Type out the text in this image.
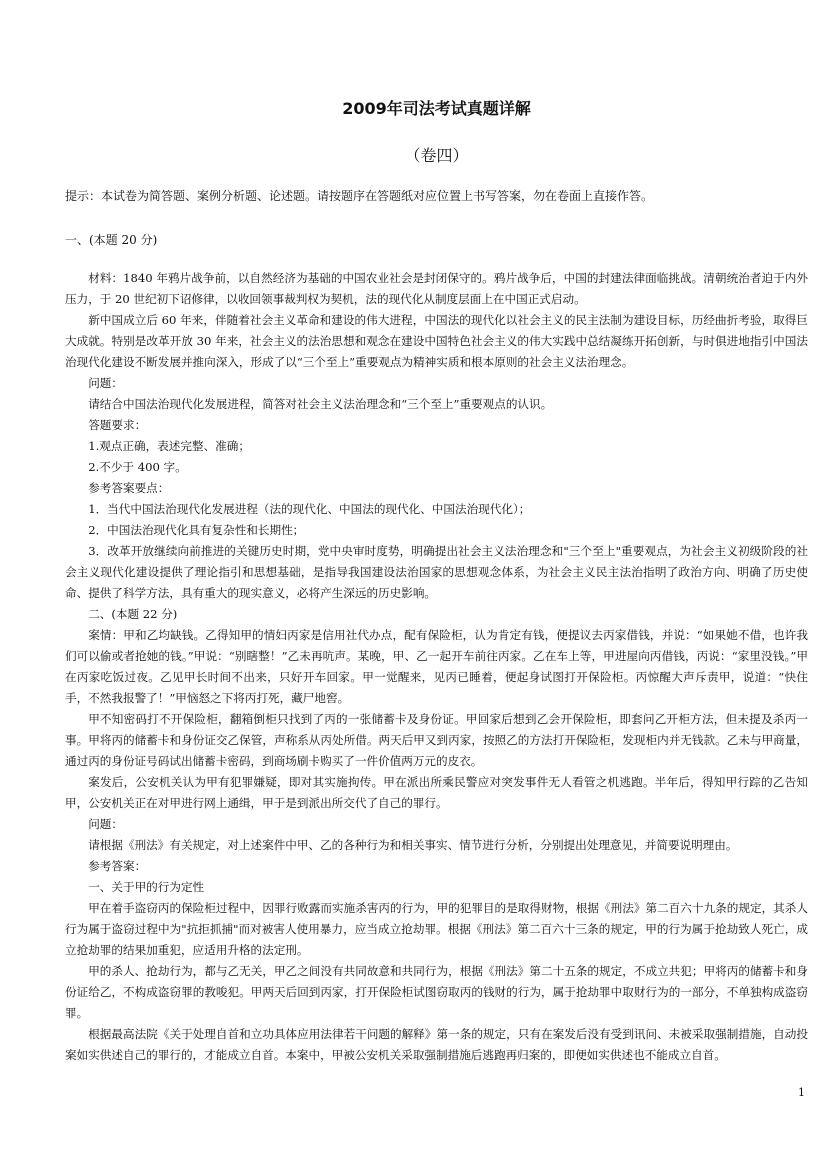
2009年司法考试真题详解
（卷四）
提示：本试卷为简答题、案例分析题、论述题。请按题序在答题纸对应位置上书写答案，勿在卷面上直接作答。
一、(本题 20 分)

材料：1840 年鸦片战争前，以自然经济为基础的中国农业社会是封闭保守的。鸦片战争后，中国的封建法律面临挑战。清朝统治者迫于内外压力，于 20 世纪初下诏修律，以收回领事裁判权为契机，法的现代化从制度层面上在中国正式启动。

新中国成立后 60 年来，伴随着社会主义革命和建设的伟大进程，中国法的现代化以社会主义的民主法制为建设目标，历经曲折考验，取得巨大成就。特别是改革开放 30 年来，社会主义的法治思想和观念在建设中国特色社会主义的伟大实践中总结凝练开拓创新，与时俱进地指引中国法治现代化建设不断发展并推向深入，形成了以“三个至上”重要观点为精神实质和根本原则的社会主义法治理念。

问题：

请结合中国法治现代化发展进程，简答对社会主义法治理念和“三个至上”重要观点的认识。

答题要求：

1.观点正确，表述完整、准确；

2.不少于 400 字。

参考答案要点：

1．当代中国法治现代化发展进程（法的现代化、中国法的现代化、中国法治现代化）；

2．中国法治现代化具有复杂性和长期性；

3．改革开放继续向前推进的关键历史时期，党中央审时度势，明确提出社会主义法治理念和"三个至上"重要观点，为社会主义初级阶段的社会主义现代化建设提供了理论指引和思想基础，是指导我国建设法治国家的思想观念体系，为社会主义民主法治指明了政治方向、明确了历史使命、提供了科学方法，具有重大的现实意义，必将产生深远的历史影响。

二、(本题 22 分)

案情：甲和乙均缺钱。乙得知甲的情妇丙家是信用社代办点，配有保险柜，认为肯定有钱，便提议去丙家借钱，并说：“如果她不借，也许我们可以偷或者抢她的钱。”甲说：“别瞎整！”乙未再吭声。某晚，甲、乙一起开车前往丙家。乙在车上等，甲进屋向丙借钱，丙说：“家里没钱。”甲在丙家吃饭过夜。乙见甲长时间不出来，只好开车回家。甲一觉醒来，见丙已睡着，便起身试图打开保险柜。丙惊醒大声斥责甲，说道：“快住手，不然我报警了！”甲恼怒之下将丙打死，藏尸地窖。

甲不知密码打不开保险柜，翻箱倒柜只找到了丙的一张储蓄卡及身份证。甲回家后想到乙会开保险柜，即套问乙开柜方法，但未提及杀丙一事。甲将丙的储蓄卡和身份证交乙保管，声称系从丙处所借。两天后甲又到丙家，按照乙的方法打开保险柜，发现柜内并无钱款。乙未与甲商量，通过丙的身份证号码试出储蓄卡密码，到商场刷卡购买了一件价值两万元的皮衣。

案发后，公安机关认为甲有犯罪嫌疑，即对其实施拘传。甲在派出所乘民警应对突发事件无人看管之机逃跑。半年后，得知甲行踪的乙告知甲，公安机关正在对甲进行网上通缉，甲于是到派出所交代了自己的罪行。

问题：

请根据《刑法》有关规定，对上述案件中甲、乙的各种行为和相关事实、情节进行分析，分别提出处理意见，并简要说明理由。

参考答案：

一、关于甲的行为定性

甲在着手盗窃丙的保险柜过程中，因罪行败露而实施杀害丙的行为，甲的犯罪目的是取得财物，根据《刑法》第二百六十九条的规定，其杀人行为属于盗窃过程中为"抗拒抓捕"而对被害人使用暴力，应当成立抢劫罪。根据《刑法》第二百六十三条的规定，甲的行为属于抢劫致人死亡，成立抢劫罪的结果加重犯，应适用升格的法定刑。

甲的杀人、抢劫行为，都与乙无关，甲乙之间没有共同故意和共同行为，根据《刑法》第二十五条的规定，不成立共犯；甲将丙的储蓄卡和身份证给乙，不构成盗窃罪的教唆犯。甲两天后回到丙家，打开保险柜试图窃取丙的钱财的行为，属于抢劫罪中取财行为的一部分，不单独构成盗窃罪。

根据最高法院《关于处理自首和立功具体应用法律若干问题的解释》第一条的规定，只有在案发后没有受到讯问、未被采取强制措施，自动投案如实供述自己的罪行的，才能成立自首。本案中，甲被公安机关采取强制措施后逃跑再归案的，即便如实供述也不能成立自首。

1
